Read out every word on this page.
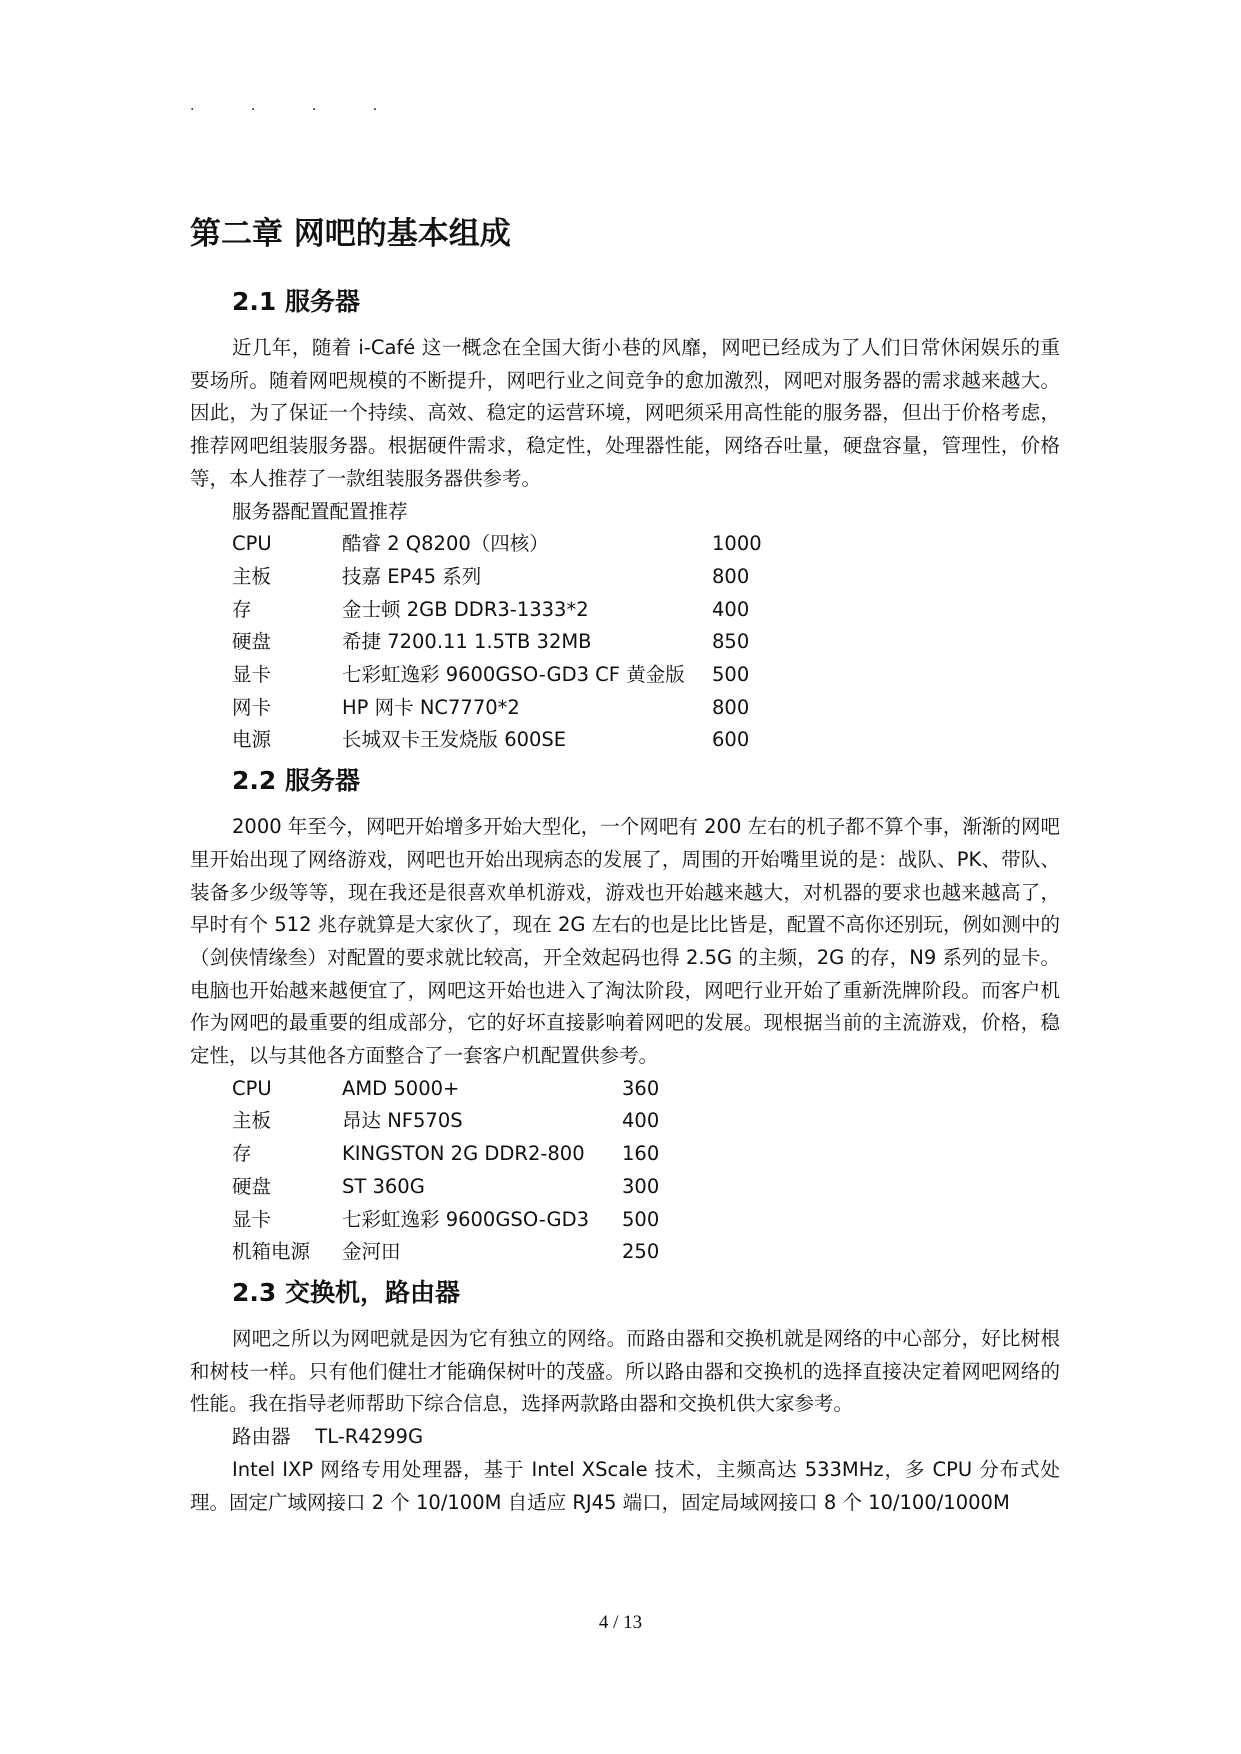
.	.	.	.
第二章 网吧的基本组成
2.1 服务器

近几年，随着 i-Café 这一概念在全国大街小巷的风靡，网吧已经成为了人们日常休闲娱乐的重要场所。随着网吧规模的不断提升，网吧行业之间竞争的愈加激烈，网吧对服务器的需求越来越大。因此，为了保证一个持续、高效、稳定的运营环境，网吧须采用高性能的服务器，但出于价格考虑，推荐网吧组装服务器。根据硬件需求，稳定性，处理器性能，网络吞吐量，硬盘容量，管理性，价格等，本人推荐了一款组装服务器供参考。

服务器配置配置推荐
CPU	酷睿 2 Q8200（四核）	1000
主板	技嘉 EP45 系列	800
存	金士顿 2GB DDR3-1333*2	400
硬盘	希捷 7200.11 1.5TB 32MB	850
显卡	七彩虹逸彩 9600GSO-GD3 CF 黄金版	500
网卡	HP 网卡 NC7770*2	800
电源	长城双卡王发烧版 600SE	600
2.2 服务器

2000 年至今，网吧开始增多开始大型化，一个网吧有 200 左右的机子都不算个事，渐渐的网吧里开始出现了网络游戏，网吧也开始出现病态的发展了，周围的开始嘴里说的是：战队、PK、带队、装备多少级等等，现在我还是很喜欢单机游戏，游戏也开始越来越大，对机器的要求也越来越高了，早时有个 512 兆存就算是大家伙了，现在 2G 左右的也是比比皆是，配置不高你还别玩，例如测中的（剑侠情缘叁）对配置的要求就比较高，开全效起码也得 2.5G 的主频，2G 的存，N9 系列的显卡。电脑也开始越来越便宜了，网吧这开始也进入了淘汰阶段，网吧行业开始了重新洗牌阶段。而客户机作为网吧的最重要的组成部分，它的好坏直接影响着网吧的发展。现根据当前的主流游戏，价格，稳定性，以与其他各方面整合了一套客户机配置供参考。

CPU	AMD 5000+	360
主板	昂达 NF570S	400
存	KINGSTON 2G DDR2-800	160
硬盘	ST 360G	300
显卡	七彩虹逸彩 9600GSO-GD3	500
机箱电源	金河田	250
2.3 交换机，路由器

网吧之所以为网吧就是因为它有独立的网络。而路由器和交换机就是网络的中心部分，好比树根和树枝一样。只有他们健壮才能确保树叶的茂盛。所以路由器和交换机的选择直接决定着网吧网络的性能。我在指导老师帮助下综合信息，选择两款路由器和交换机供大家参考。

路由器    TL-R4299G

Intel IXP 网络专用处理器，基于 Intel XScale 技术，主频高达 533MHz，多 CPU 分布式处理。固定广域网接口 2 个 10/100M 自适应 RJ45 端口，固定局域网接口 8 个 10/100/1000M

4 / 13
